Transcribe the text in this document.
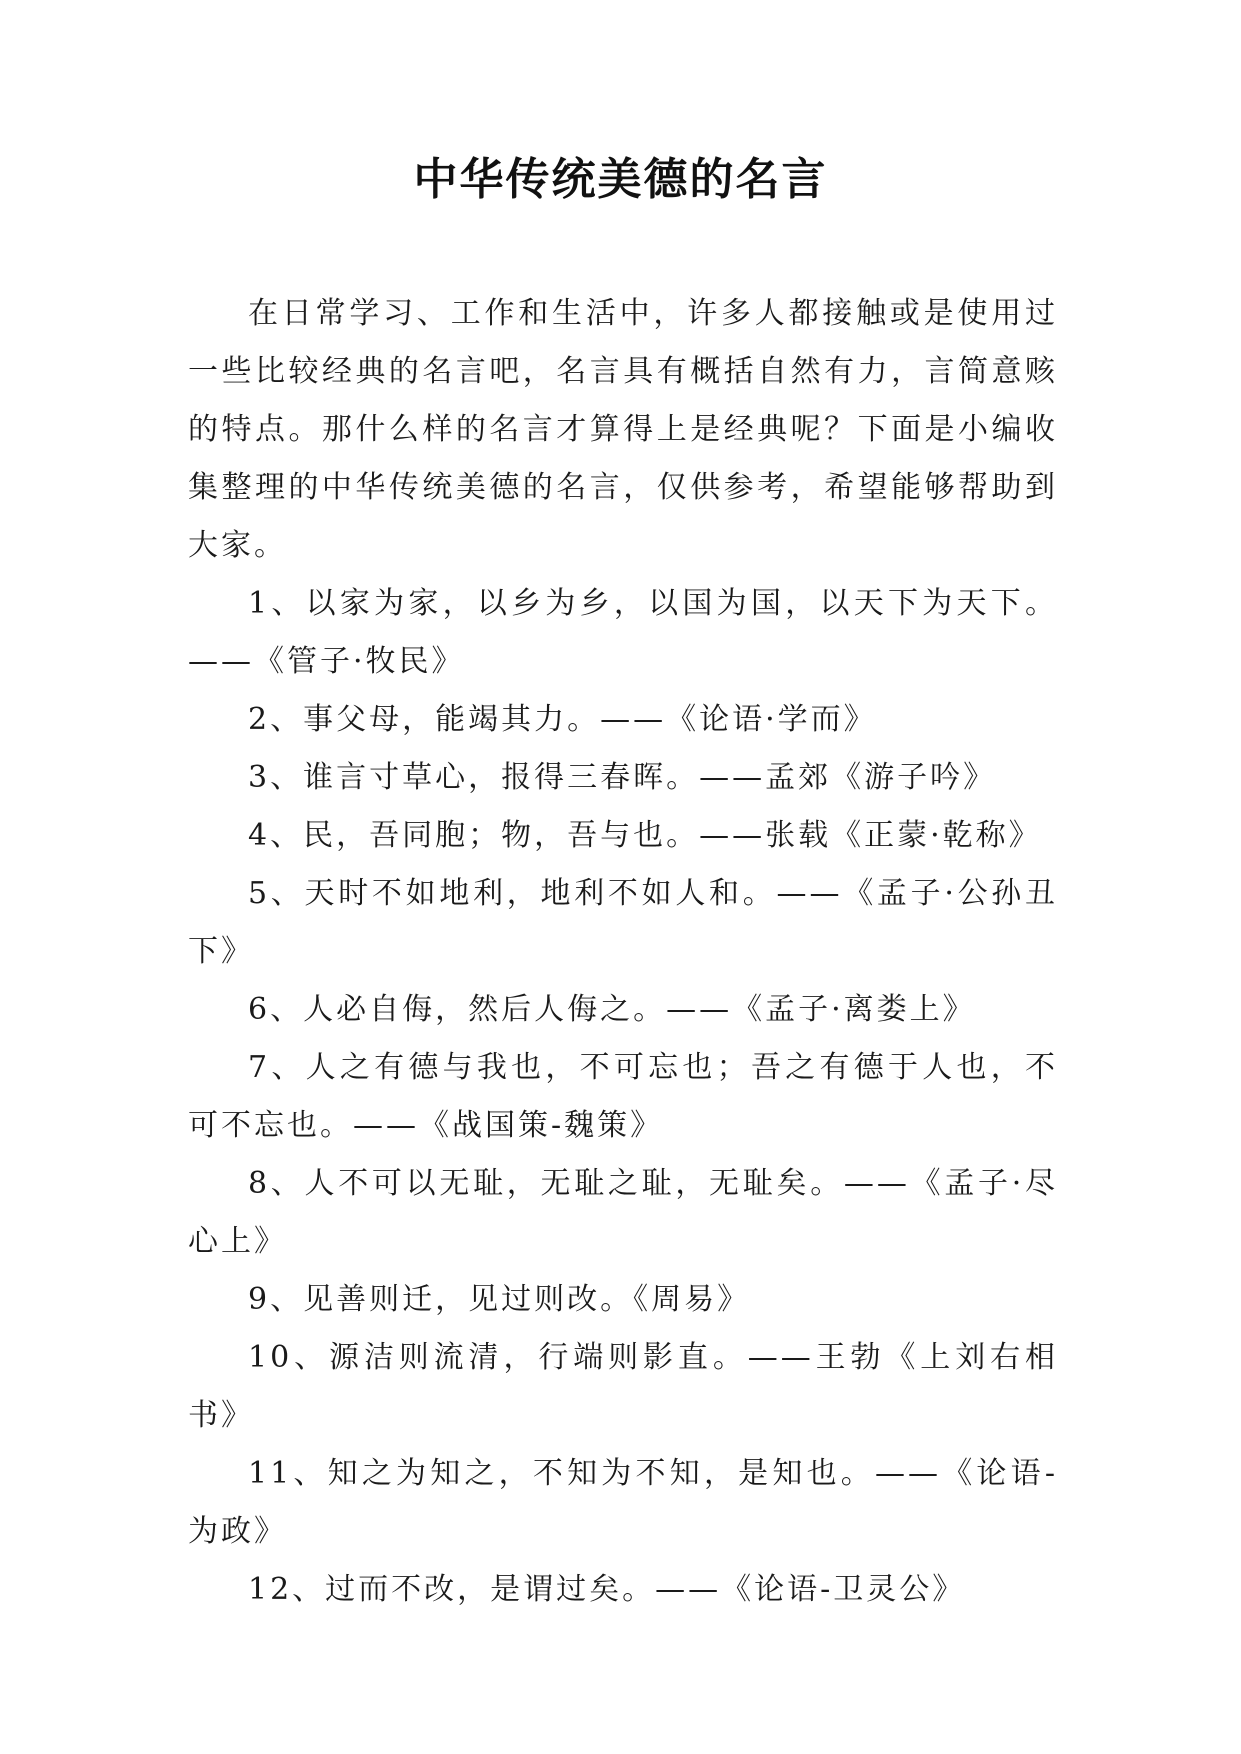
中华传统美德的名言

在日常学习、工作和生活中，许多人都接触或是使用过一些比较经典的名言吧，名言具有概括自然有力，言简意赅的特点。那什么样的名言才算得上是经典呢？下面是小编收集整理的中华传统美德的名言，仅供参考，希望能够帮助到大家。

1、以家为家，以乡为乡，以国为国，以天下为天下。——《管子·牧民》

2、事父母，能竭其力。——《论语·学而》

3、谁言寸草心，报得三春晖。——孟郊《游子吟》

4、民，吾同胞；物，吾与也。——张载《正蒙·乾称》

5、天时不如地利，地利不如人和。——《孟子·公孙丑下》

6、人必自侮，然后人侮之。——《孟子·离娄上》

7、人之有德与我也，不可忘也；吾之有德于人也，不可不忘也。——《战国策-魏策》

8、人不可以无耻，无耻之耻，无耻矣。——《孟子·尽心上》

9、见善则迁，见过则改。《周易》

10、源洁则流清，行端则影直。——王勃《上刘右相书》

11、知之为知之，不知为不知，是知也。——《论语-为政》

12、过而不改，是谓过矣。——《论语-卫灵公》
